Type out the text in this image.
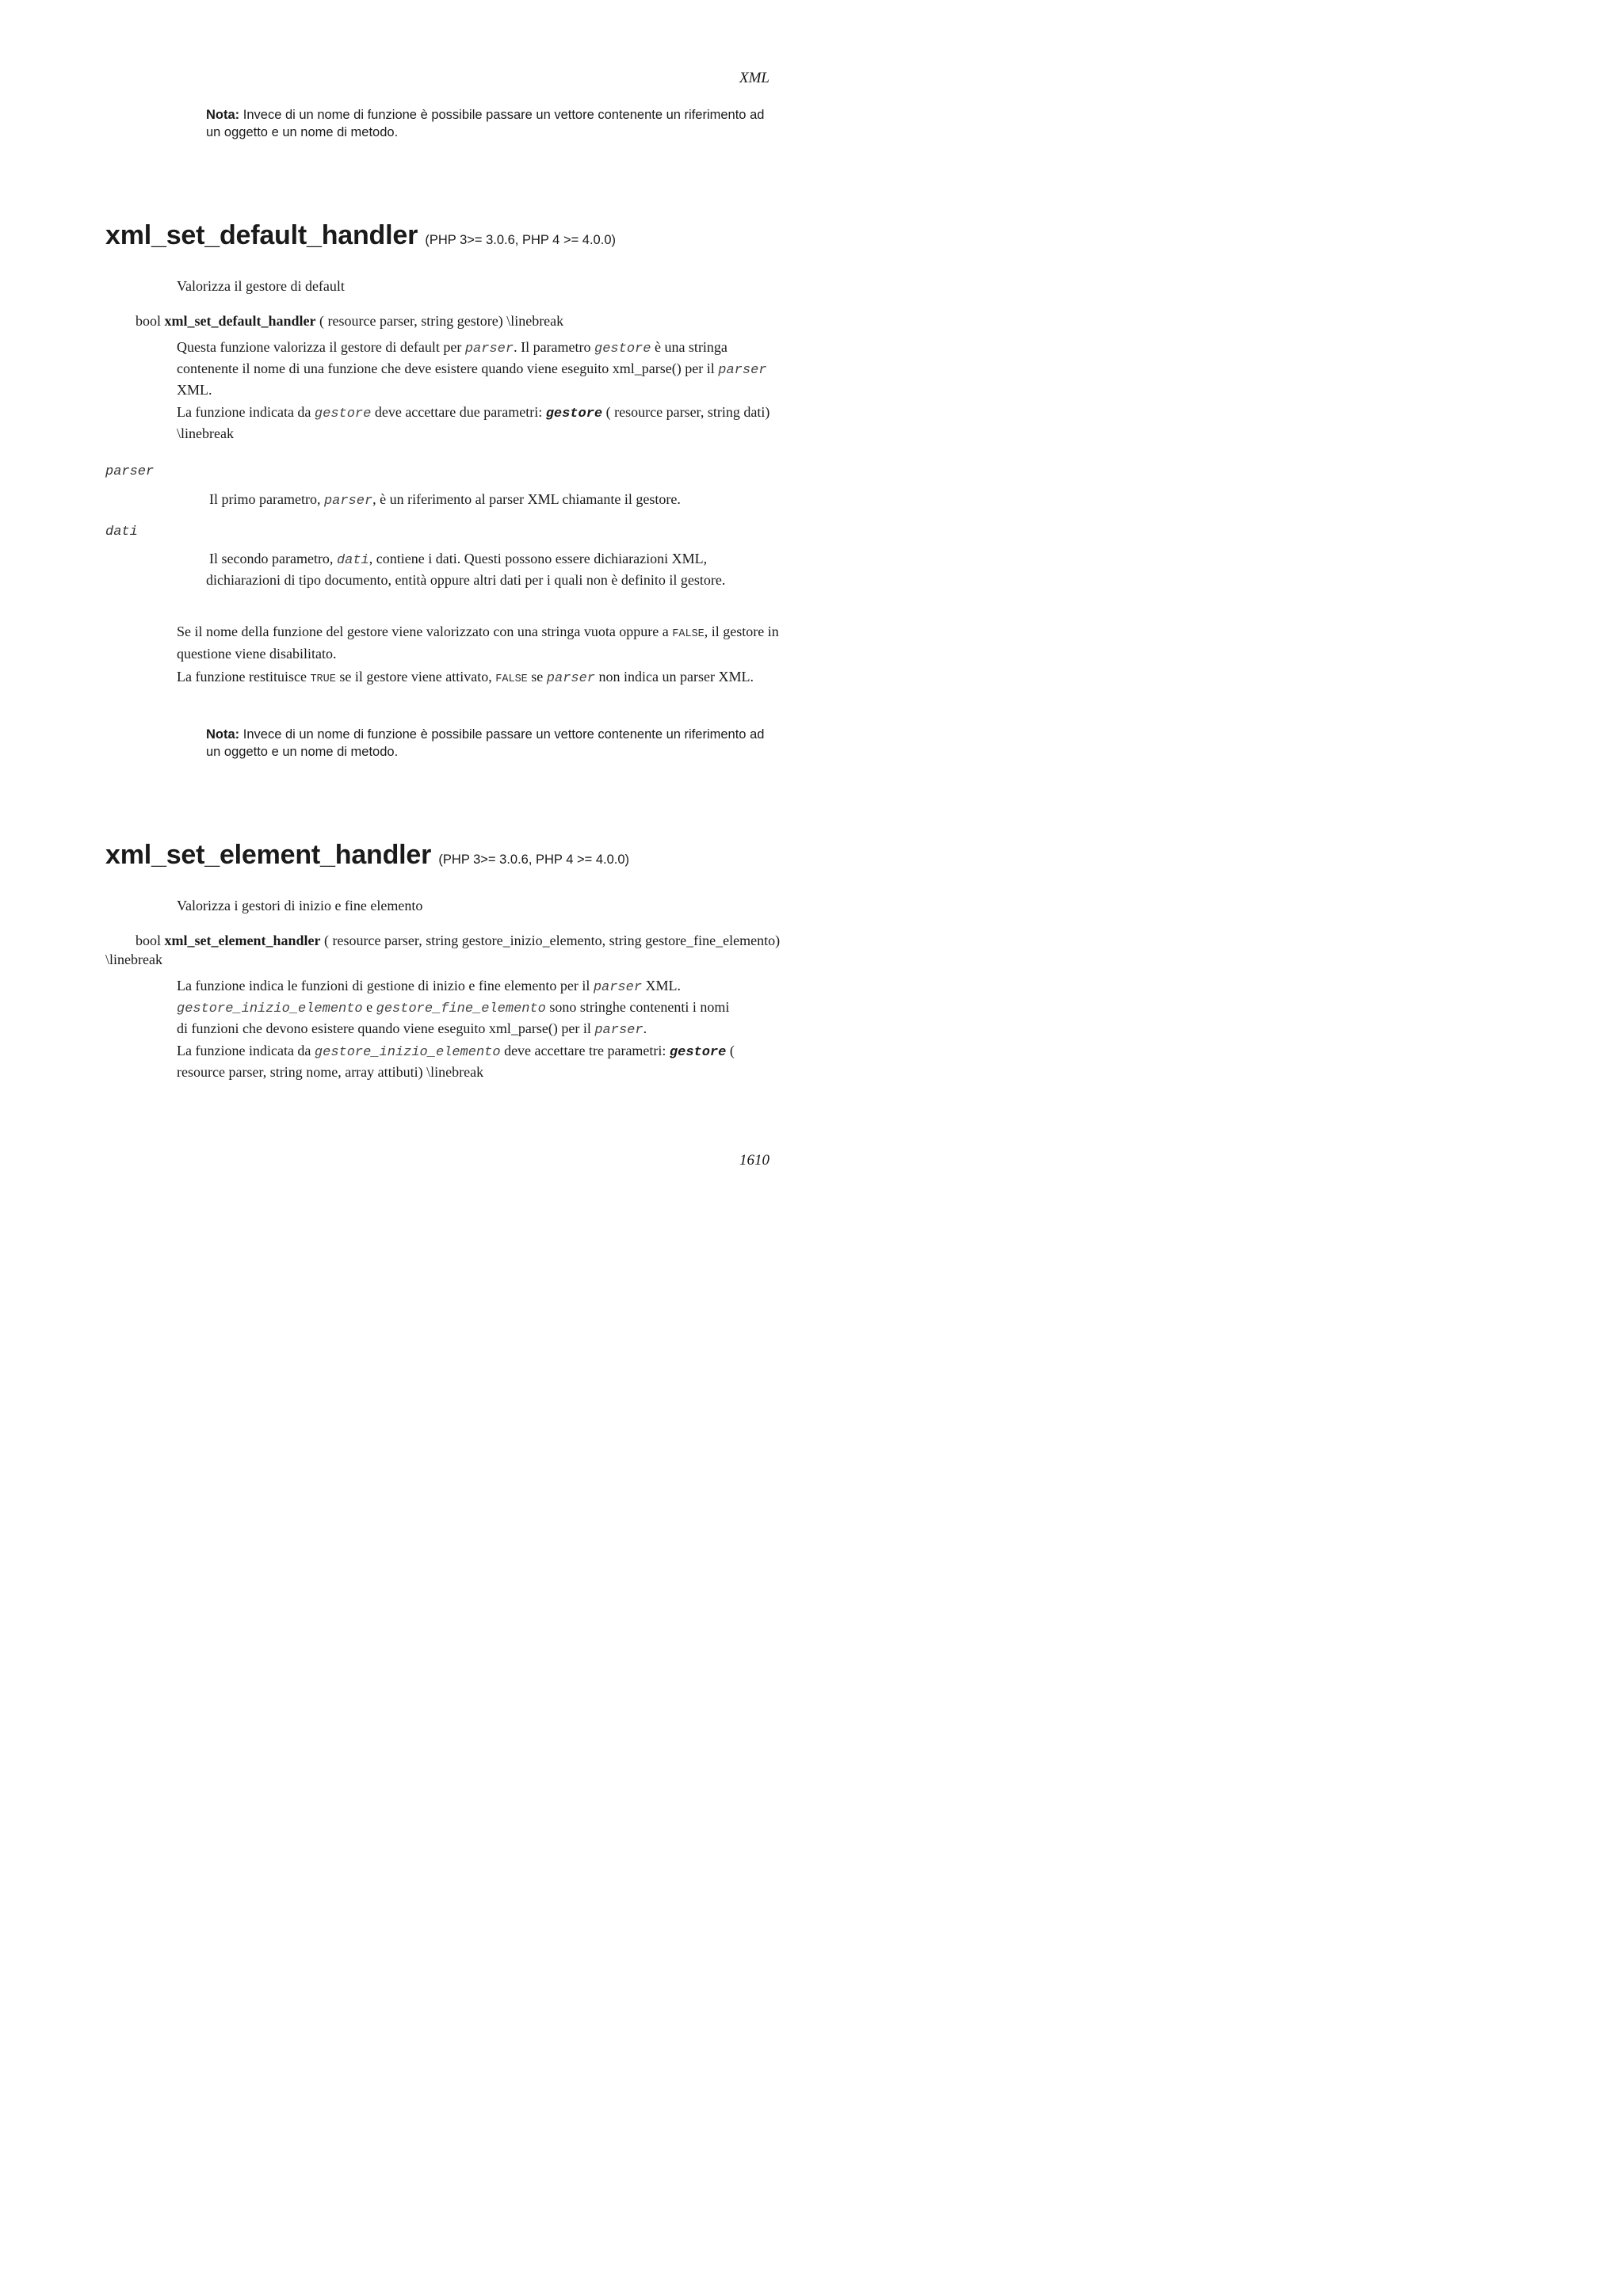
XML
Nota: Invece di un nome di funzione è possibile passare un vettore contenente un riferimento ad un oggetto e un nome di metodo.
xml_set_default_handler (PHP 3>= 3.0.6, PHP 4 >= 4.0.0)
Valorizza il gestore di default
bool xml_set_default_handler ( resource parser, string gestore) \linebreak
Questa funzione valorizza il gestore di default per parser. Il parametro gestore è una stringa contenente il nome di una funzione che deve esistere quando viene eseguito xml_parse() per il parser XML.
La funzione indicata da gestore deve accettare due parametri: gestore ( resource parser, string dati) \linebreak
parser
Il primo parametro, parser, è un riferimento al parser XML chiamante il gestore.
dati
Il secondo parametro, dati, contiene i dati. Questi possono essere dichiarazioni XML, dichiarazioni di tipo documento, entità oppure altri dati per i quali non è definito il gestore.
Se il nome della funzione del gestore viene valorizzato con una stringa vuota oppure a FALSE, il gestore in questione viene disabilitato.
La funzione restituisce TRUE se il gestore viene attivato, FALSE se parser non indica un parser XML.
Nota: Invece di un nome di funzione è possibile passare un vettore contenente un riferimento ad un oggetto e un nome di metodo.
xml_set_element_handler (PHP 3>= 3.0.6, PHP 4 >= 4.0.0)
Valorizza i gestori di inizio e fine elemento
bool xml_set_element_handler ( resource parser, string gestore_inizio_elemento, string gestore_fine_elemento)
\linebreak
La funzione indica le funzioni di gestione di inizio e fine elemento per il parser XML.
gestore_inizio_elemento e gestore_fine_elemento sono stringhe contenenti i nomi
di funzioni che devono esistere quando viene eseguito xml_parse() per il parser.
La funzione indicata da gestore_inizio_elemento deve accettare tre parametri: gestore (
resource parser, string nome, array attibuti) \linebreak
1610
